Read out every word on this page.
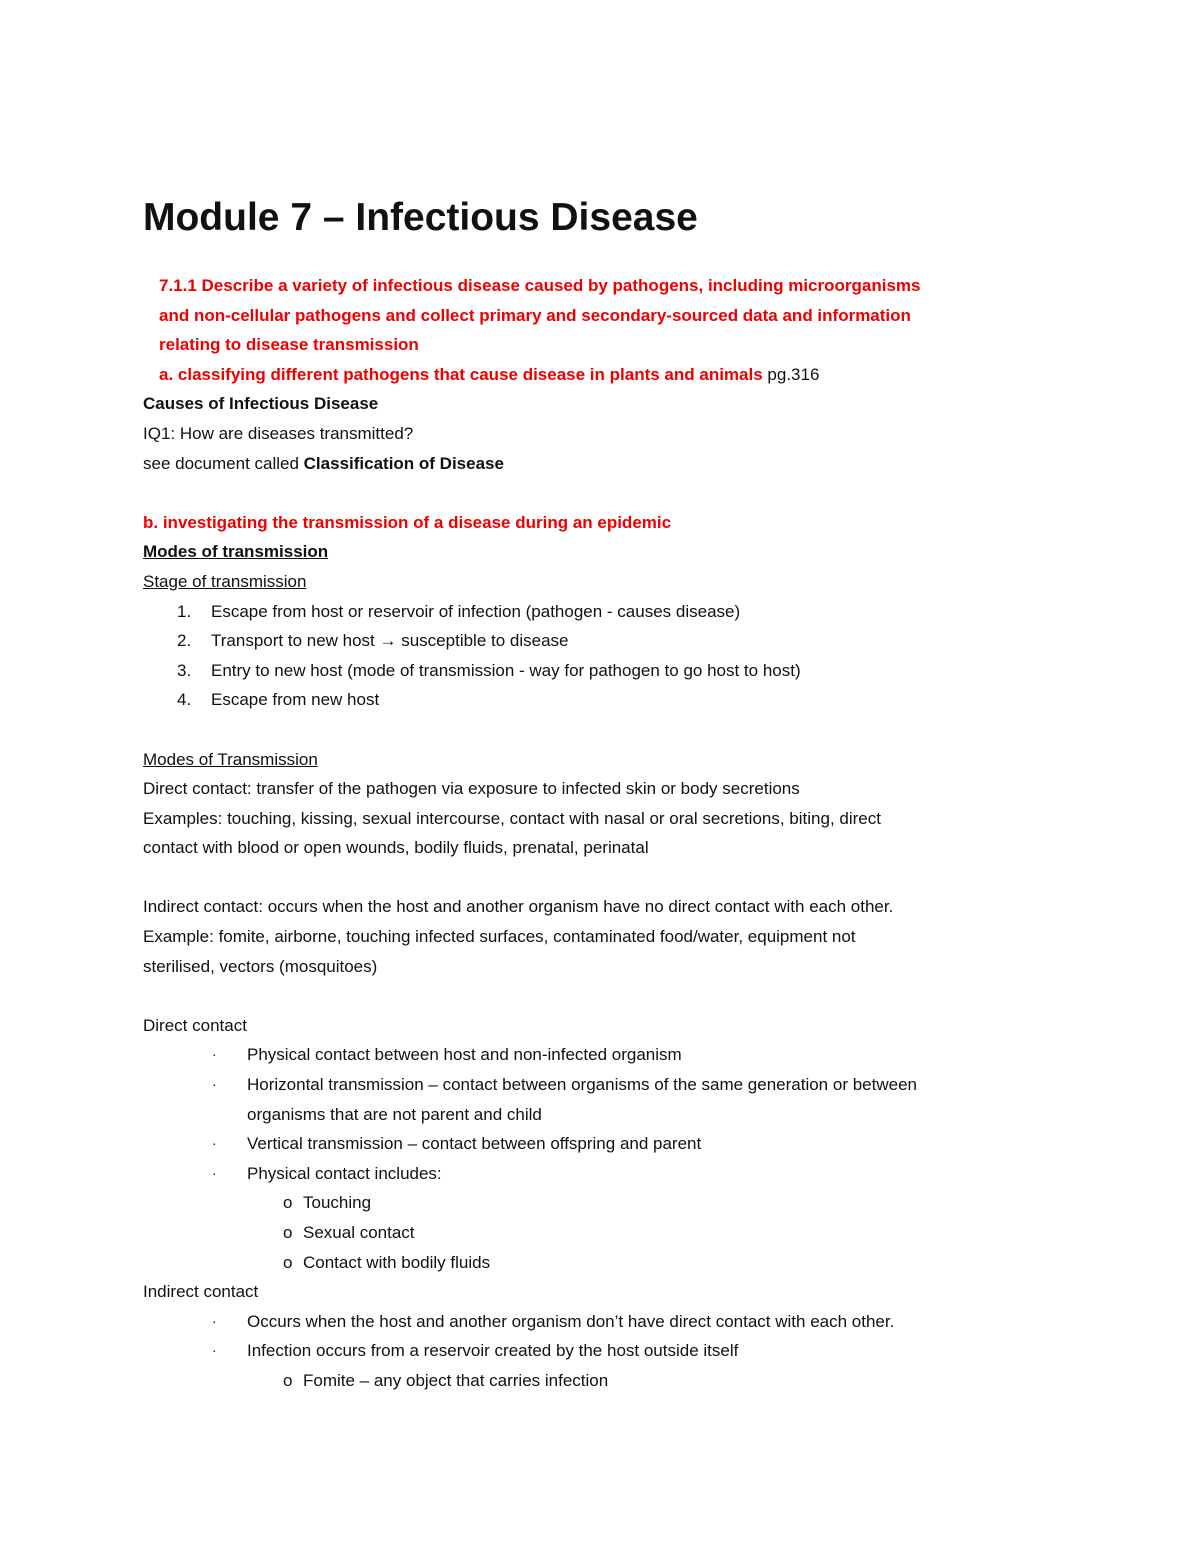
Module 7 – Infectious Disease
7.1.1 Describe a variety of infectious disease caused by pathogens, including microorganisms
and non-cellular pathogens and collect primary and secondary-sourced data and information
relating to disease transmission
a. classifying different pathogens that cause disease in plants and animals pg.316
Causes of Infectious Disease
IQ1: How are diseases transmitted?
see document called Classification of Disease
b. investigating the transmission of a disease during an epidemic
Modes of transmission
Stage of transmission
1. Escape from host or reservoir of infection (pathogen - causes disease)
2. Transport to new host → susceptible to disease
3. Entry to new host (mode of transmission - way for pathogen to go host to host)
4. Escape from new host
Modes of Transmission
Direct contact: transfer of the pathogen via exposure to infected skin or body secretions
Examples: touching, kissing, sexual intercourse, contact with nasal or oral secretions, biting, direct
contact with blood or open wounds, bodily fluids, prenatal, perinatal
Indirect contact: occurs when the host and another organism have no direct contact with each other.
Example: fomite, airborne, touching infected surfaces, contaminated food/water, equipment not
sterilised, vectors (mosquitoes)
Direct contact
· Physical contact between host and non-infected organism
· Horizontal transmission – contact between organisms of the same generation or between
organisms that are not parent and child
· Vertical transmission – contact between offspring and parent
· Physical contact includes:
o Touching
o Sexual contact
o Contact with bodily fluids
Indirect contact
· Occurs when the host and another organism don’t have direct contact with each other.
· Infection occurs from a reservoir created by the host outside itself
o Fomite – any object that carries infection
